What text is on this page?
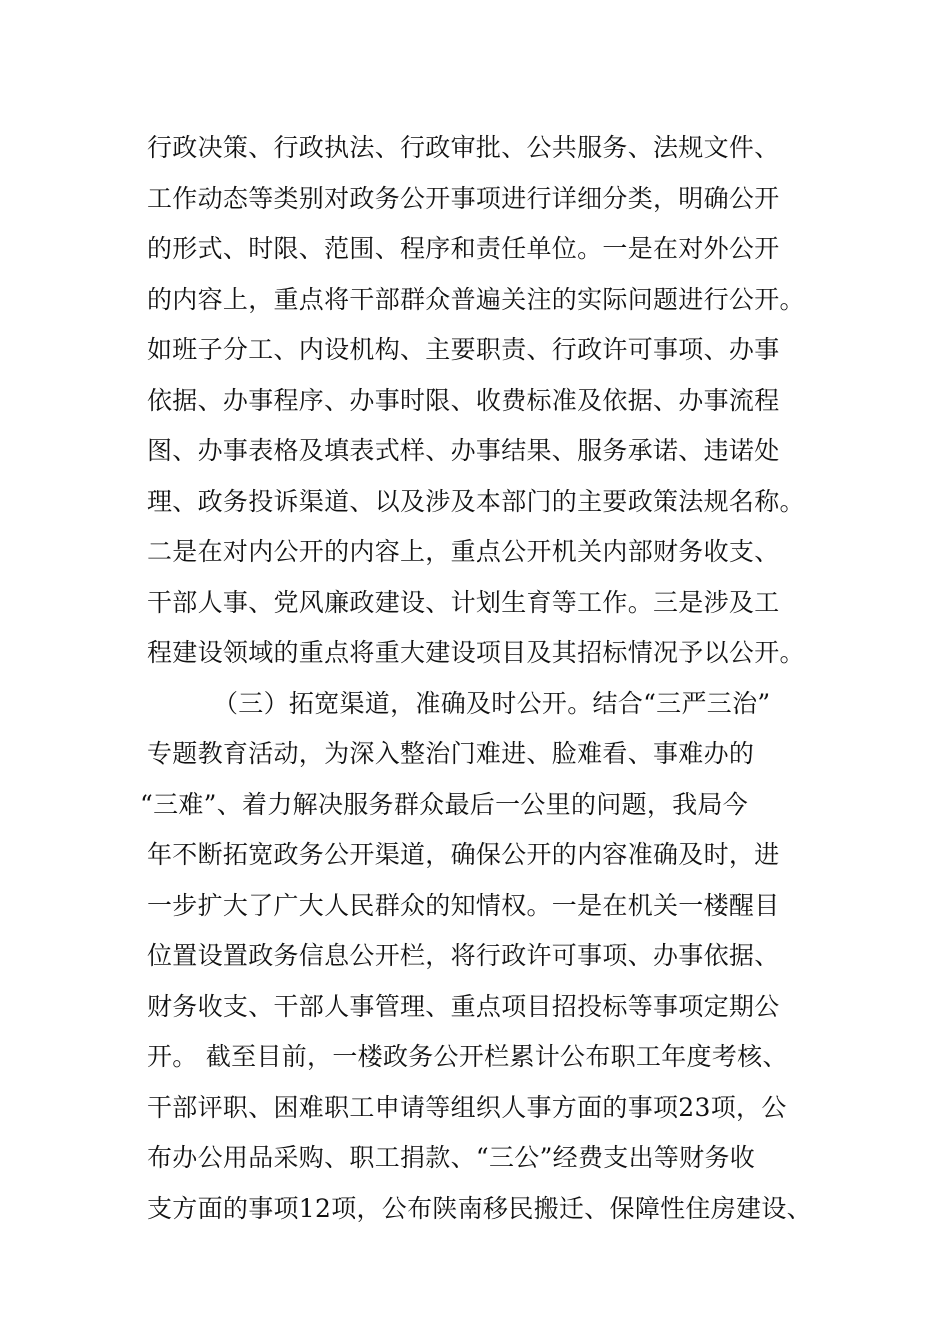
行政决策、行政执法、行政审批、公共服务、法规文件、
工作动态等类别对政务公开事项进行详细分类，明确公开
的形式、时限、范围、程序和责任单位。一是在对外公开
的内容上，重点将干部群众普遍关注的实际问题进行公开。
如班子分工、内设机构、主要职责、行政许可事项、办事
依据、办事程序、办事时限、收费标准及依据、办事流程
图、办事表格及填表式样、办事结果、服务承诺、违诺处
理、政务投诉渠道、以及涉及本部门的主要政策法规名称。
二是在对内公开的内容上，重点公开机关内部财务收支、
干部人事、党风廉政建设、计划生育等工作。三是涉及工
程建设领域的重点将重大建设项目及其招标情况予以公开。
（三）拓宽渠道，准确及时公开。结合“三严三治”
专题教育活动，为深入整治门难进、脸难看、事难办的
“三难”、着力解决服务群众最后一公里的问题，我局今
年不断拓宽政务公开渠道，确保公开的内容准确及时，进
一步扩大了广大人民群众的知情权。一是在机关一楼醒目
位置设置政务信息公开栏，将行政许可事项、办事依据、
财务收支、干部人事管理、重点项目招投标等事项定期公
开。 截至目前，一楼政务公开栏累计公布职工年度考核、
干部评职、困难职工申请等组织人事方面的事项23项，公
布办公用品采购、职工捐款、“三公”经费支出等财务收
支方面的事项12项，公布陕南移民搬迁、保障性住房建设、
